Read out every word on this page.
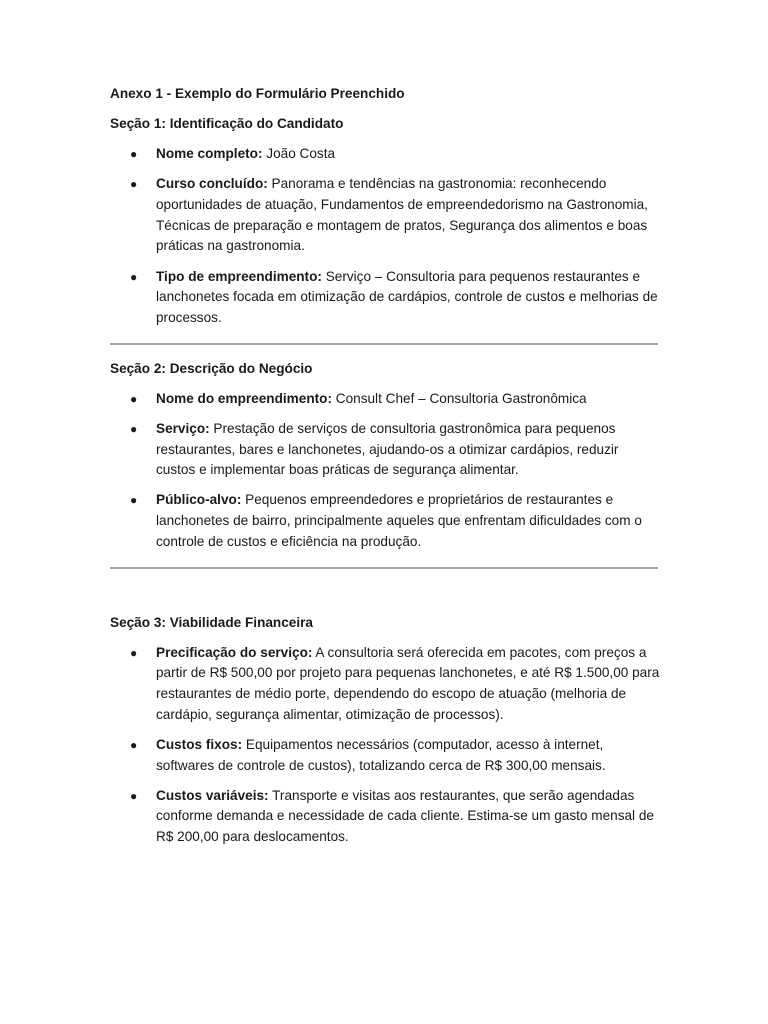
Anexo 1 - Exemplo do Formulário Preenchido

Seção 1: Identificação do Candidato

● Nome completo: João Costa
● Curso concluído: Panorama e tendências na gastronomia: reconhecendo oportunidades de atuação, Fundamentos de empreendedorismo na Gastronomia, Técnicas de preparação e montagem de pratos, Segurança dos alimentos e boas práticas na gastronomia.
● Tipo de empreendimento: Serviço – Consultoria para pequenos restaurantes e lanchonetes focada em otimização de cardápios, controle de custos e melhorias de processos.

Seção 2: Descrição do Negócio

● Nome do empreendimento: Consult Chef – Consultoria Gastronômica
● Serviço: Prestação de serviços de consultoria gastronômica para pequenos restaurantes, bares e lanchonetes, ajudando-os a otimizar cardápios, reduzir custos e implementar boas práticas de segurança alimentar.
● Público-alvo: Pequenos empreendedores e proprietários de restaurantes e lanchonetes de bairro, principalmente aqueles que enfrentam dificuldades com o controle de custos e eficiência na produção.

Seção 3: Viabilidade Financeira

● Precificação do serviço: A consultoria será oferecida em pacotes, com preços a partir de R$ 500,00 por projeto para pequenas lanchonetes, e até R$ 1.500,00 para restaurantes de médio porte, dependendo do escopo de atuação (melhoria de cardápio, segurança alimentar, otimização de processos).
● Custos fixos: Equipamentos necessários (computador, acesso à internet, softwares de controle de custos), totalizando cerca de R$ 300,00 mensais.
● Custos variáveis: Transporte e visitas aos restaurantes, que serão agendadas conforme demanda e necessidade de cada cliente. Estima-se um gasto mensal de R$ 200,00 para deslocamentos.
